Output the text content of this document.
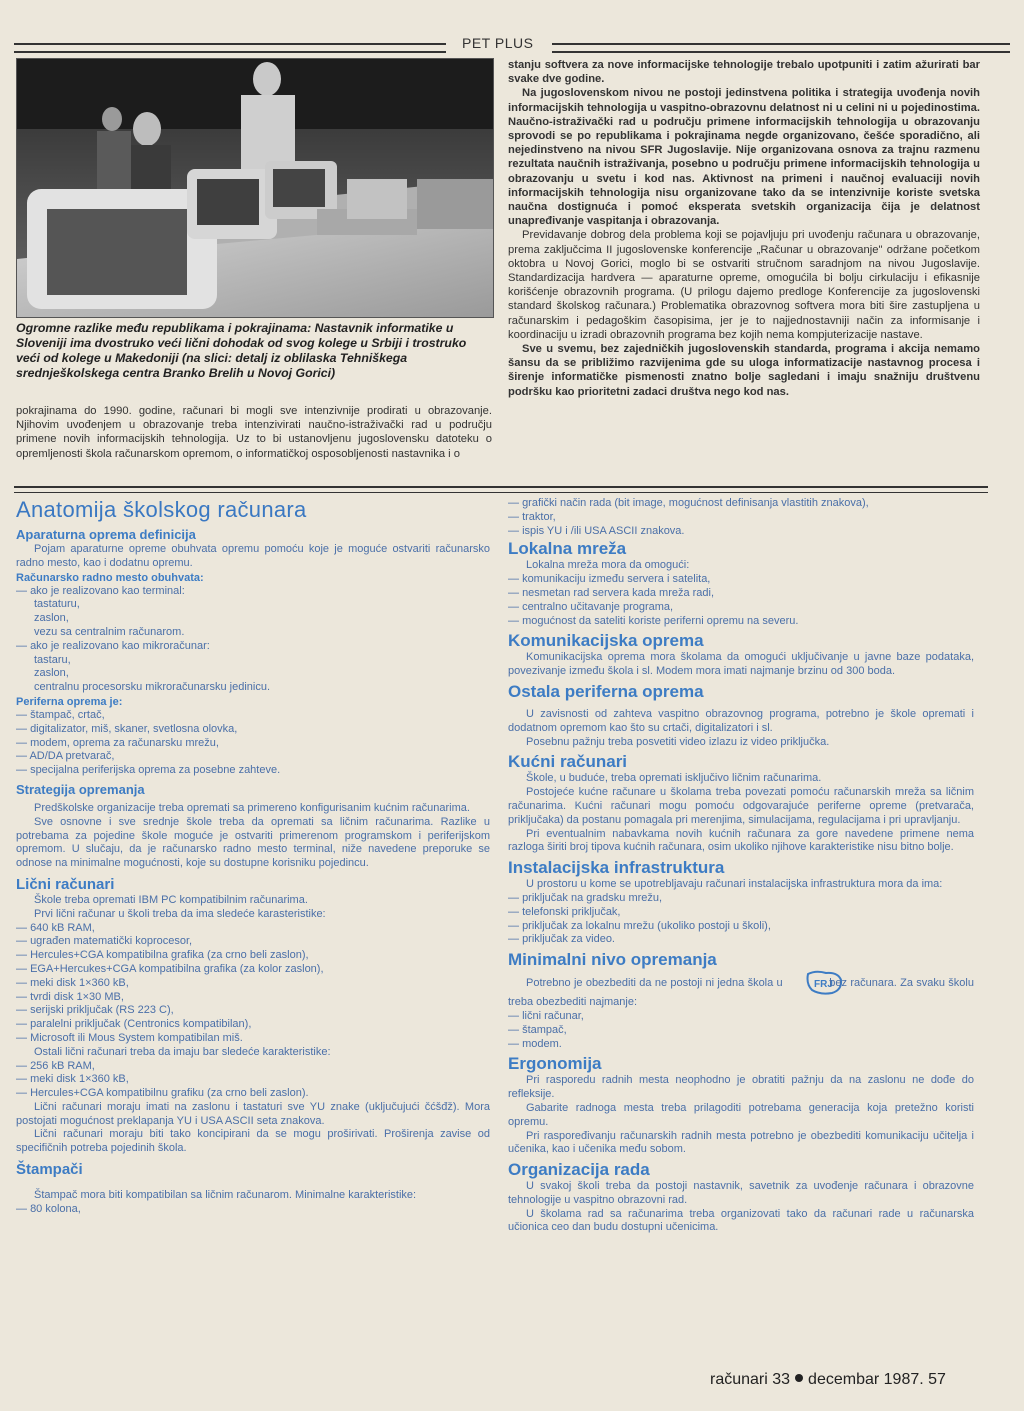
PET PLUS
Ogromne razlike među republikama i pokrajinama: Nastavnik informatike u Sloveniji ima dvostruko veći lični dohodak od svog kolege u Srbiji i trostruko veći od kolege u Makedoniji (na slici: detalj iz oblilaska Tehniškega srednješkolskega centra Branko Brelih u Novoj Gorici)

pokrajinama do 1990. godine, računari bi mogli sve intenzivnije prodirati u obrazovanje. Njihovim uvođenjem u obrazovanje treba intenzivirati naučno-istraživački rad u području primene novih informacijskih tehnologija. Uz to bi ustanovljenu jugoslovensku datoteku o opremljenosti škola računarskom opremom, o informatičkoj osposobljenosti nastavnika i o

stanju softvera za nove informacijske tehnologije trebalo upotpuniti i zatim ažurirati bar svake dve godine.

Na jugoslovenskom nivou ne postoji jedinstvena politika i strategija uvođenja novih informacijskih tehnologija u vaspitno-obrazovnu delatnost ni u celini ni u pojedinostima. Naučno-istraživački rad u području primene informacijskih tehnologija u obrazovanju sprovodi se po republikama i pokrajinama negde organizovano, češće sporadično, ali nejedinstveno na nivou SFR Jugoslavije. Nije organizovana osnova za trajnu razmenu rezultata naučnih istraživanja, posebno u području primene informacijskih tehnologija u obrazovanju u svetu i kod nas. Aktivnost na primeni i naučnoj evaluaciji novih informacijskih tehnologija nisu organizovane tako da se intenzivnije koriste svetska naučna dostignuća i pomoć eksperata svetskih organizacija čija je delatnost unapređivanje vaspitanja i obrazovanja.

Previdavanje dobrog dela problema koji se pojavljuju pri uvođenju računara u obrazovanje, prema zaključcima II jugoslovenske konferencije „Računar u obrazovanje" održane početkom oktobra u Novoj Gorici, moglo bi se ostvariti stručnom saradnjom na nivou Jugoslavije. Standardizacija hardvera — aparaturne opreme, omogućila bi bolju cirkulaciju i efikasnije korišćenje obrazovnih programa. (U prilogu dajemo predloge Konferencije za jugoslovenski standard školskog računara.) Problematika obrazovnog softvera mora biti šire zastupljena u računarskim i pedagoškim časopisima, jer je to najjednostavniji način za informisanje i koordinaciju u izradi obrazovnih programa bez kojih nema kompjuterizacije nastave.

Sve u svemu, bez zajedničkih jugoslovenskih standarda, programa i akcija nemamo šansu da se približimo razvijenima gde su uloga informatizacije nastavnog procesa i širenje informatičke pismenosti znatno bolje sagledani i imaju snažniju društvenu podršku kao prioritetni zadaci društva nego kod nas.

Anatomija školskog računara

Aparaturna oprema definicija

Pojam aparaturne opreme obuhvata opremu pomoću koje je moguće ostvariti računarsko radno mesto, kao i dodatnu opremu.

Računarsko radno mesto obuhvata:

— ako je realizovano kao terminal:

tastaturu,

zaslon,

vezu sa centralnim računarom.

— ako je realizovano kao mikroračunar:

tastaru,

zaslon,

centralnu procesorsku mikroračunarsku jedinicu.

Periferna oprema je:

— štampač, crtač,

— digitalizator, miš, skaner, svetlosna olovka,

— modem, oprema za računarsku mrežu,

— AD/DA pretvarač,

— specijalna periferijska oprema za posebne zahteve.

Strategija opremanja

Predškolske organizacije treba opremati sa primereno konfigurisanim kućnim računarima.

Sve osnovne i sve srednje škole treba da opremati sa ličnim računarima. Razlike u potrebama za pojedine škole moguće je ostvariti primerenom programskom i periferijskom opremom. U slučaju, da je računarsko radno mesto terminal, niže navedene preporuke se odnose na minimalne mogućnosti, koje su dostupne korisniku pojedincu.

Lični računari

Škole treba opremati IBM PC kompatibilnim računarima.

Prvi lični računar u školi treba da ima sledeće karasteristike:

— 640 kB RAM,

— ugrađen matematički koprocesor,

— Hercules+CGA kompatibilna grafika (za crno beli zaslon),

— EGA+Hercukes+CGA kompatibilna grafika (za kolor zaslon),

— meki disk 1×360 kB,

— tvrdi disk 1×30 MB,

— serijski priključak (RS 223 C),

— paralelni priključak (Centronics kompatibilan),

— Microsoft ili Mous System kompatibilan miš.

Ostali lični računari treba da imaju bar sledeće karakteristike:

— 256 kB RAM,

— meki disk 1×360 kB,

— Hercules+CGA kompatibilnu grafiku (za crno beli zaslon).

Lični računari moraju imati na zaslonu i tastaturi sve YU znake (uključujući čćšđž). Mora postojati mogućnost preklapanja YU i USA ASCII seta znakova.

Lični računari moraju biti tako koncipirani da se mogu proširivati. Proširenja zavise od specifičnih potreba pojedinih škola.

Štampači

Štampač mora biti kompatibilan sa ličnim računarom. Minimalne karakteristike:

— 80 kolona,

— grafički način rada (bit image, mogućnost definisanja vlastitih znakova),

— traktor,

— ispis YU i /ili USA ASCII znakova.

Lokalna mreža

Lokalna mreža mora da omogući:

— komunikaciju između servera i satelita,

— nesmetan rad servera kada mreža radi,

— centralno učitavanje programa,

— mogućnost da sateliti koriste periferni opremu na severu.

Komunikacijska oprema

Komunikacijska oprema mora školama da omogući uključivanje u javne baze podataka, povezivanje između škola i sl. Modem mora imati najmanje brzinu od 300 boda.

Ostala periferna oprema

U zavisnosti od zahteva vaspitno obrazovnog programa, potrebno je škole opremati i dodatnom opremom kao što su crtači, digitalizatori i sl.

Posebnu pažnju treba posvetiti video izlazu iz video priključka.

Kućni računari

Škole, u buduće, treba opremati isključivo ličnim računarima.

Postojeće kućne računare u školama treba povezati pomoću računarskih mreža sa ličnim računarima. Kućni računari mogu pomoću odgovarajuće periferne opreme (pretvarača, priključaka) da postanu pomagala pri merenjima, simulacijama, regulacijama i pri upravljanju.

Pri eventualnim nabavkama novih kućnih računara za gore navedene primene nema razloga širiti broj tipova kućnih računara, osim ukoliko njihove karakteristike nisu bitno bolje.

Instalacijska infrastruktura

U prostoru u kome se upotrebljavaju računari instalacijska infrastruktura mora da ima:

— priključak na gradsku mrežu,

— telefonski priključak,

— priključak za lokalnu mrežu (ukoliko postoji u školi),

— priključak za video.

Minimalni nivo opremanja

Potrebno je obezbediti da ne postoji ni jedna škola u	FRJ
bez računara. Za svaku školu treba obezbediti najmanje:

— lični računar,

— štampač,

— modem.

Ergonomija

Pri rasporedu radnih mesta neophodno je obratiti pažnju da na zaslonu ne dođe do refleksije.

Gabarite radnoga mesta treba prilagoditi potrebama generacija koja pretežno koristi opremu.

Pri raspoređivanju računarskih radnih mesta potrebno je obezbediti komunikaciju učitelja i učenika, kao i učenika među sobom.

Organizacija rada

U svakoj školi treba da postoji nastavnik, savetnik za uvođenje računara i obrazovne tehnologije u vaspitno obrazovni rad.

U školama rad sa računarima treba organizovati tako da računari rade u računarska učionica ceo dan budu dostupni učenicima.

računari 33 decembar 1987. 57
